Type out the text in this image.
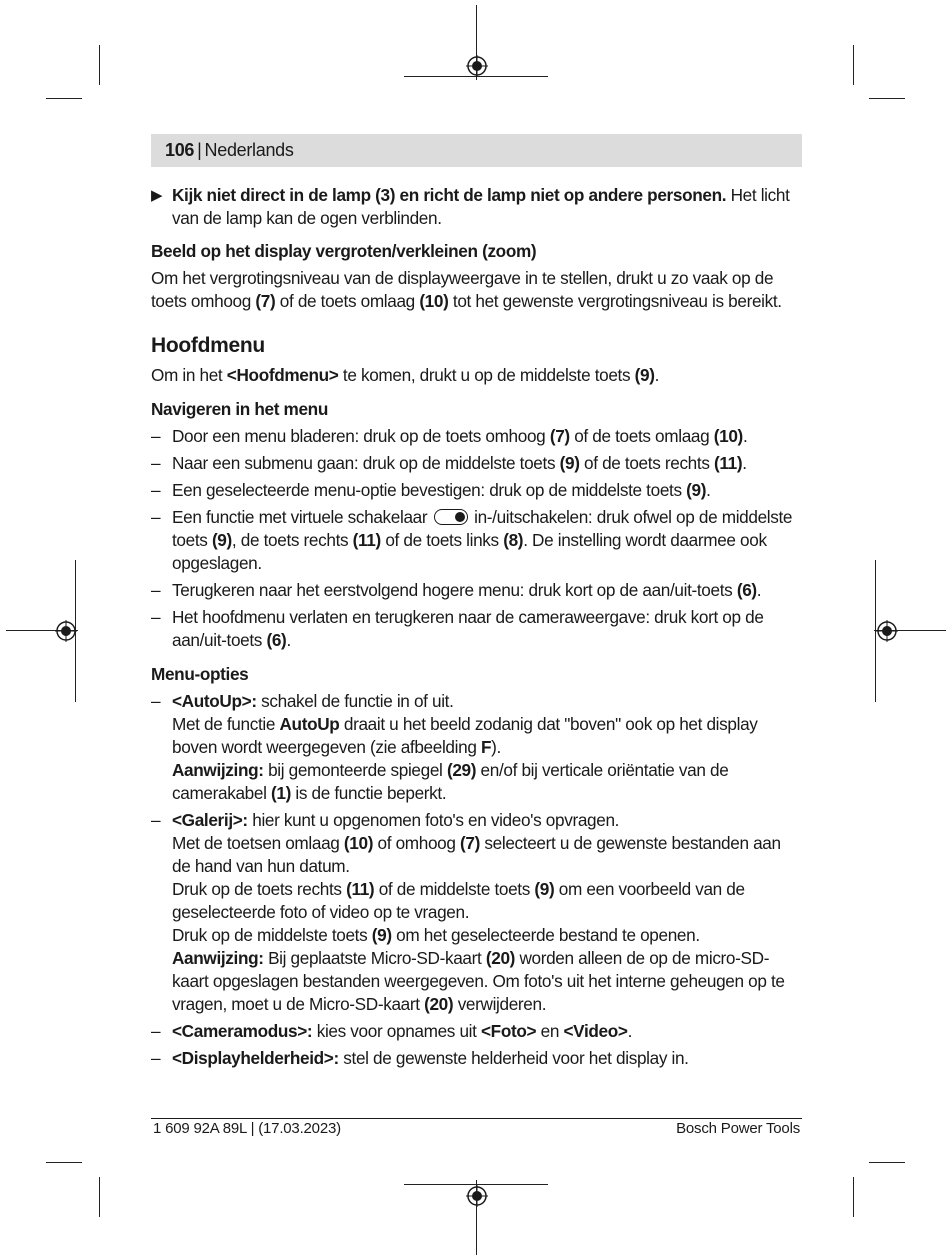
106 | Nederlands

▶ Kijk niet direct in de lamp (3) en richt de lamp niet op andere personen. Het licht van de lamp kan de ogen verblinden.

Beeld op het display vergroten/verkleinen (zoom)

Om het vergrotingsniveau van de displayweergave in te stellen, drukt u zo vaak op de toets omhoog (7) of de toets omlaag (10) tot het gewenste vergrotingsniveau is bereikt.

Hoofdmenu

Om in het <Hoofdmenu> te komen, drukt u op de middelste toets (9).

Navigeren in het menu

– Door een menu bladeren: druk op de toets omhoog (7) of de toets omlaag (10).
– Naar een submenu gaan: druk op de middelste toets (9) of de toets rechts (11).
– Een geselecteerde menu-optie bevestigen: druk op de middelste toets (9).
– Een functie met virtuele schakelaar  in-/uitschakelen: druk ofwel op de middelste toets (9), de toets rechts (11) of de toets links (8). De instelling wordt daarmee ook opgeslagen.
– Terugkeren naar het eerstvolgend hogere menu: druk kort op de aan/uit-toets (6).
– Het hoofdmenu verlaten en terugkeren naar de cameraweergave: druk kort op de aan/uit-toets (6).

Menu-opties

– <AutoUp>: schakel de functie in of uit.
Met de functie AutoUp draait u het beeld zodanig dat "boven" ook op het display boven wordt weergegeven (zie afbeelding F).
Aanwijzing: bij gemonteerde spiegel (29) en/of bij verticale oriëntatie van de camerakabel (1) is de functie beperkt.
– <Galerij>: hier kunt u opgenomen foto's en video's opvragen.
Met de toetsen omlaag (10) of omhoog (7) selecteert u de gewenste bestanden aan de hand van hun datum.
Druk op de toets rechts (11) of de middelste toets (9) om een voorbeeld van de geselecteerde foto of video op te vragen.
Druk op de middelste toets (9) om het geselecteerde bestand te openen.
Aanwijzing: Bij geplaatste Micro-SD-kaart (20) worden alleen de op de micro-SD-kaart opgeslagen bestanden weergegeven. Om foto's uit het interne geheugen op te vragen, moet u de Micro-SD-kaart (20) verwijderen.
– <Cameramodus>: kies voor opnames uit <Foto> en <Video>.
– <Displayhelderheid>: stel de gewenste helderheid voor het display in.
1 609 92A 89L | (17.03.2023)	Bosch Power Tools
